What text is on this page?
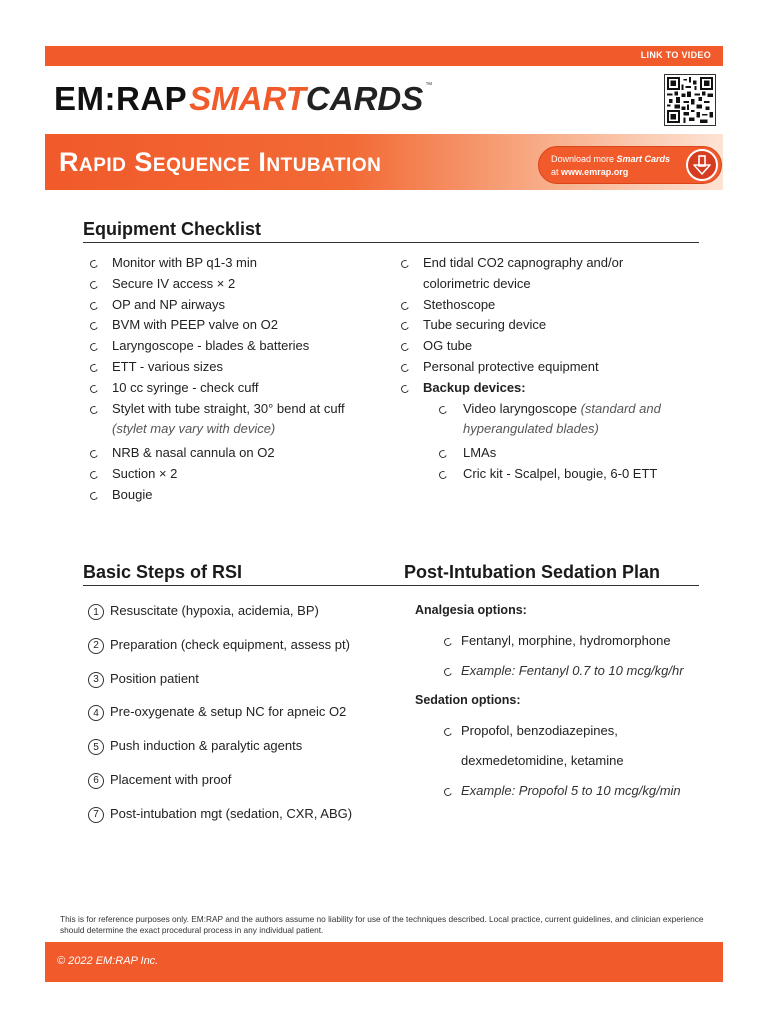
LINK TO VIDEO
EM:RAP SMART CARDS ™
Rapid Sequence Intubation	Download more Smart Cards
at www.emrap.org
Equipment Checklist
Monitor with BP q1-3 min
Secure IV access × 2
OP and NP airways
BVM with PEEP valve on O2
Laryngoscope - blades & batteries
ETT - various sizes
10 cc syringe - check cuff
Stylet with tube straight, 30° bend at cuff
(stylet may vary with device)
NRB & nasal cannula on O2
Suction × 2
Bougie
End tidal CO2 capnography and/or
colorimetric device
Stethoscope
Tube securing device
OG tube
Personal protective equipment
Backup devices:
Video laryngoscope (standard and
hyperangulated blades)
LMAs
Cric kit - Scalpel, bougie, 6-0 ETT
Basic Steps of RSI	Post-Intubation Sedation Plan
1 Resuscitate (hypoxia, acidemia, BP)
2 Preparation (check equipment, assess pt)
3 Position patient
4 Pre-oxygenate & setup NC for apneic O2
5 Push induction & paralytic agents
6 Placement with proof
7 Post-intubation mgt (sedation, CXR, ABG)
Analgesia options:
Fentanyl, morphine, hydromorphone
Example: Fentanyl 0.7 to 10 mcg/kg/hr
Sedation options:
Propofol, benzodiazepines,
dexmedetomidine, ketamine
Example: Propofol 5 to 10 mcg/kg/min
This is for reference purposes only. EM:RAP and the authors assume no liability for use of the techniques described. Local practice, current guidelines, and clinician experience should determine the exact procedural process in any individual patient.
© 2022 EM:RAP Inc.
